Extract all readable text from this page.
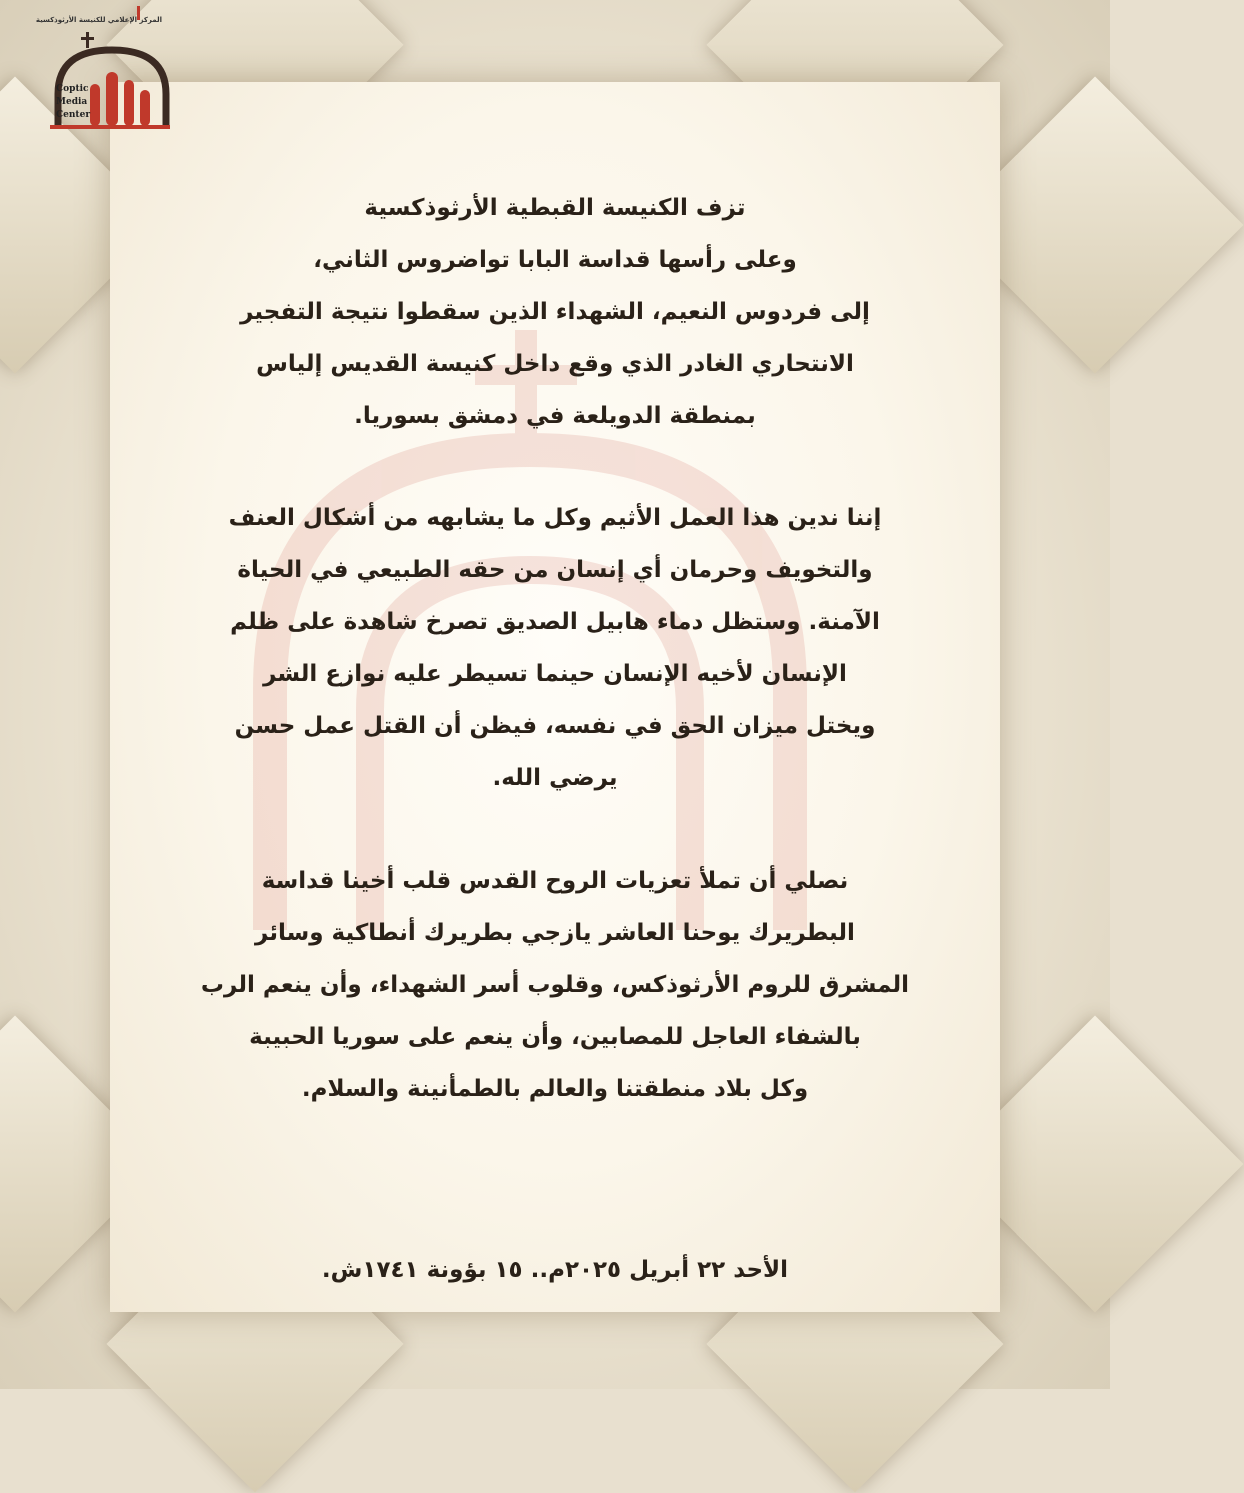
المركز الإعلامي للكنيسة الأرثوذكسية
Coptic
Media
Center
تزف الكنيسة القبطية الأرثوذكسية
وعلى رأسها قداسة البابا تواضروس الثاني،
إلى فردوس النعيم، الشهداء الذين سقطوا نتيجة التفجير
الانتحاري الغادر الذي وقع داخل كنيسة القديس إلياس
بمنطقة الدويلعة في دمشق بسوريا.
إننا ندين هذا العمل الأثيم وكل ما يشابهه من أشكال العنف
والتخويف وحرمان أي إنسان من حقه الطبيعي في الحياة
الآمنة. وستظل دماء هابيل الصديق تصرخ شاهدة على ظلم
الإنسان لأخيه الإنسان حينما تسيطر عليه نوازع الشر
ويختل ميزان الحق في نفسه، فيظن أن القتل عمل حسن
يرضي الله.
نصلي أن تملأ تعزيات الروح القدس قلب أخينا قداسة
البطريرك يوحنا العاشر يازجي بطريرك أنطاكية وسائر
المشرق للروم الأرثوذكس، وقلوب أسر الشهداء، وأن ينعم الرب
بالشفاء العاجل للمصابين، وأن ينعم على سوريا الحبيبة
وكل بلاد منطقتنا والعالم بالطمأنينة والسلام.
الأحد ٢٢ أبريل ٢٠٢٥م.. ١٥ بؤونة ١٧٤١ش.
